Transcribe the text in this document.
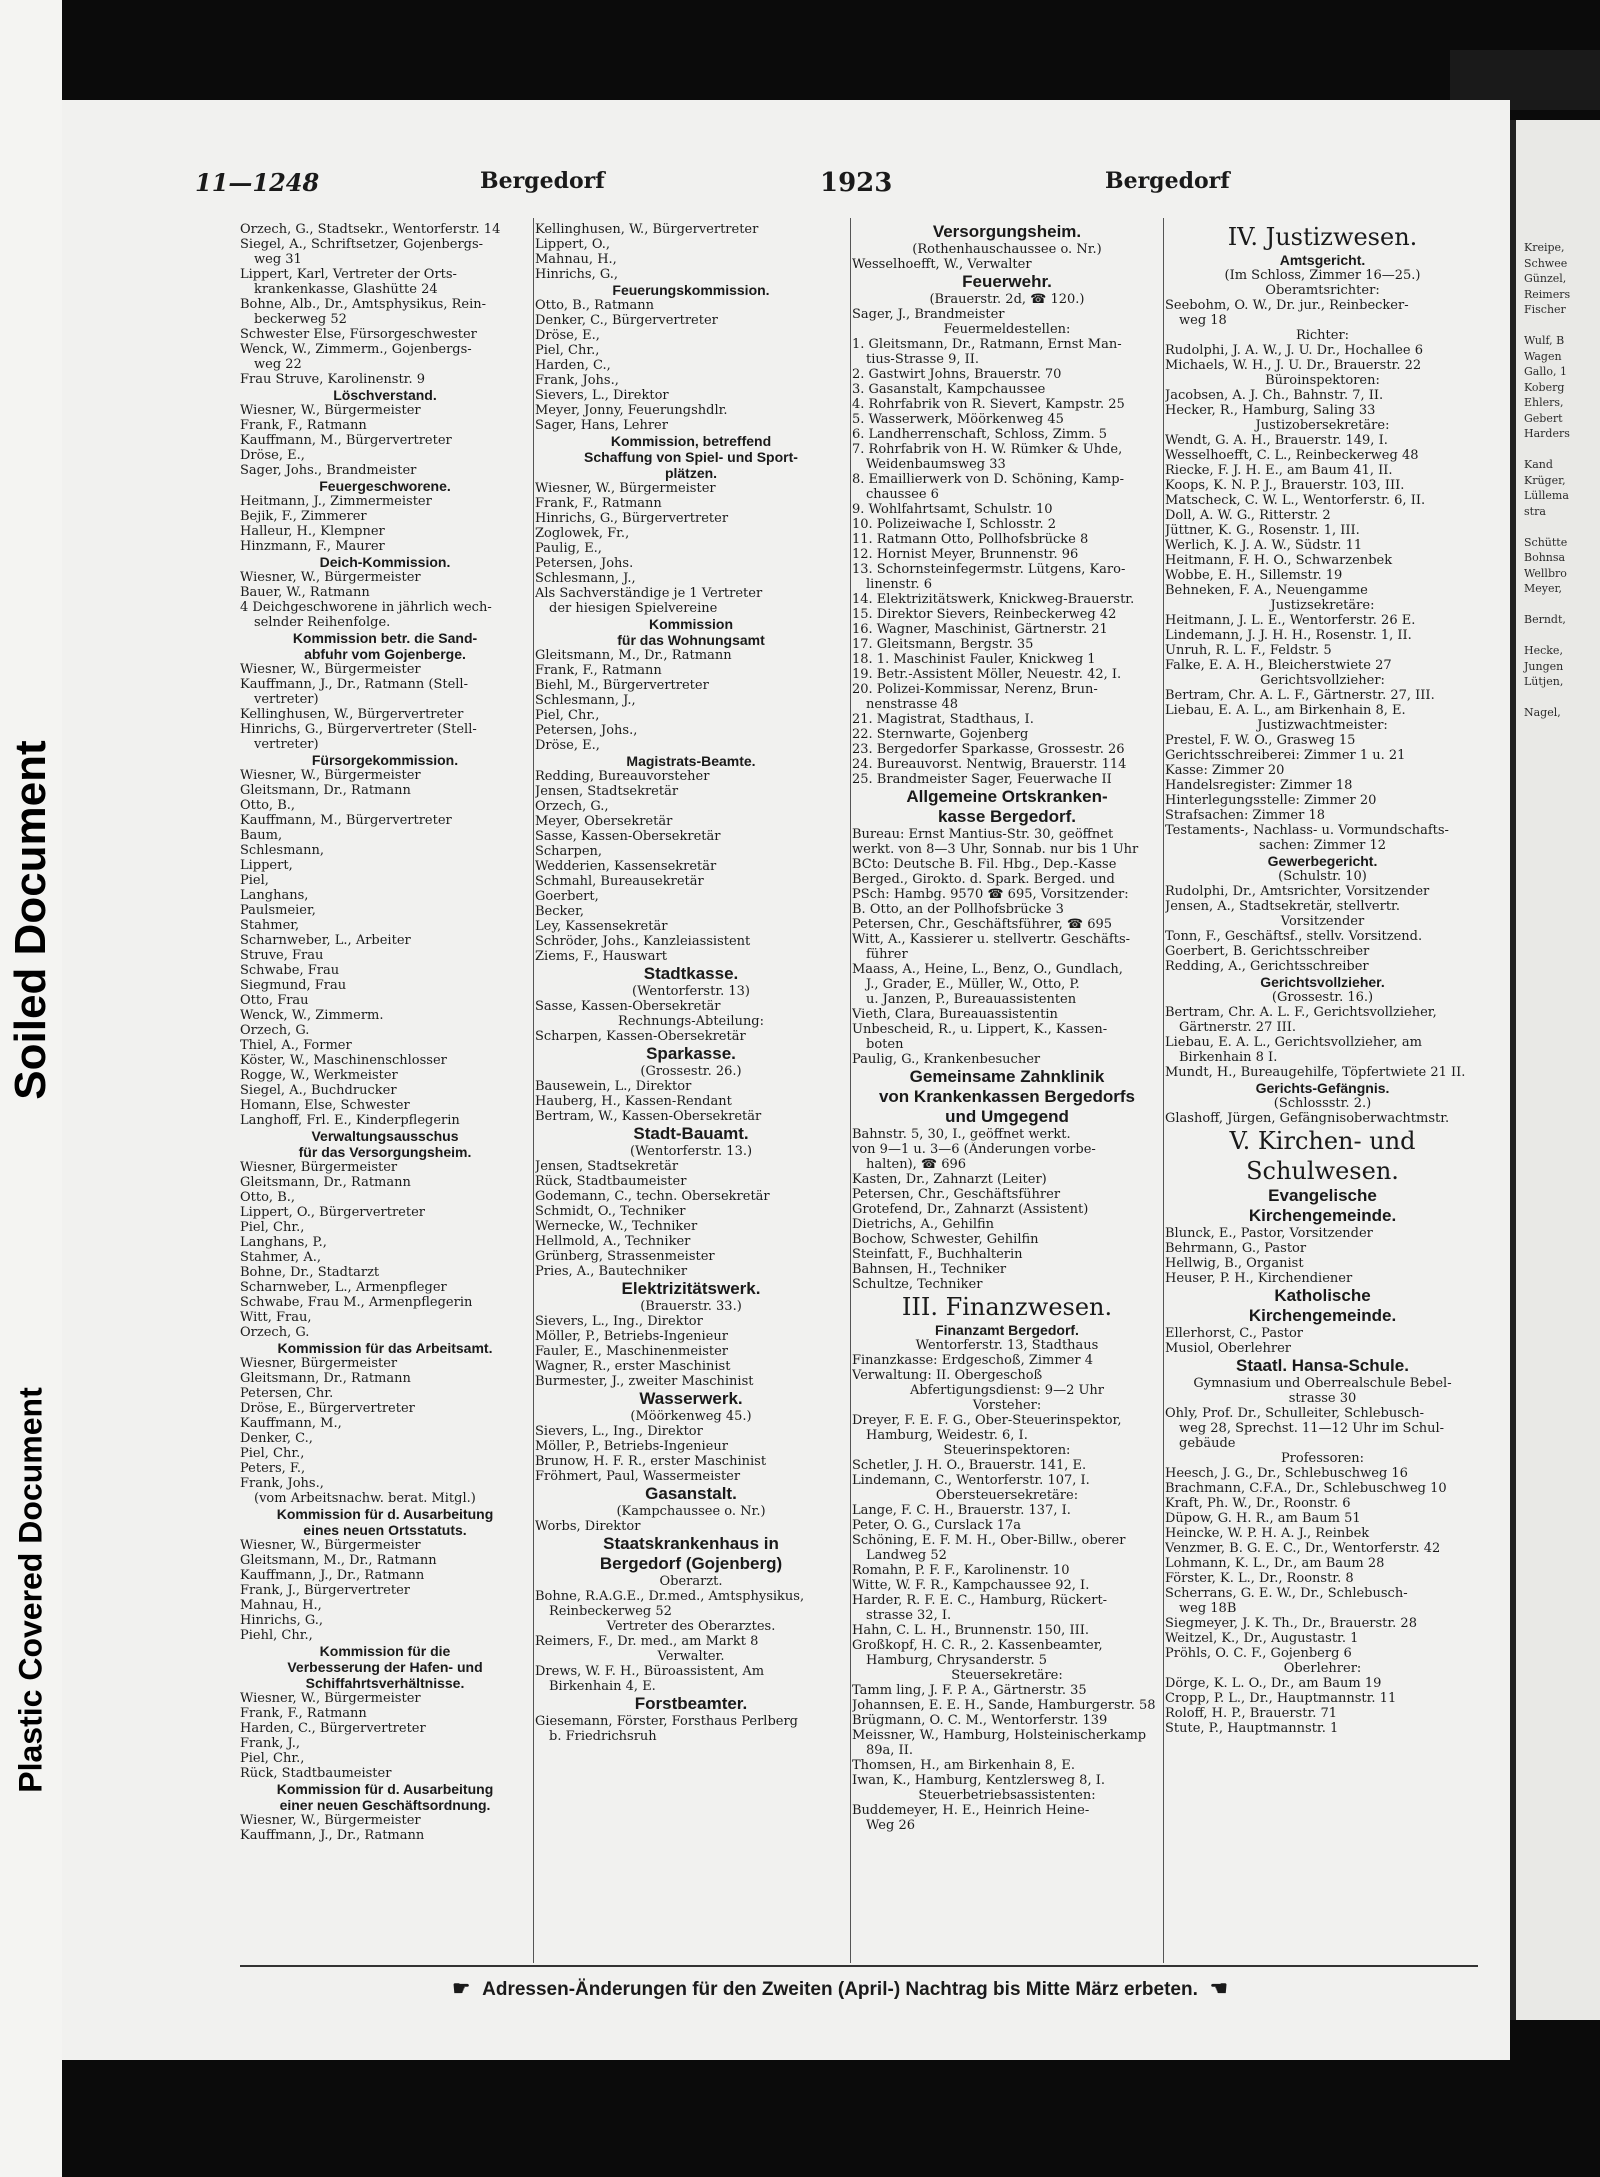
Soiled Document
Plastic Covered Document
Kreipe,
Schwee
Günzel,
Reimers
Fischer

Wulf, B
Wagen
Gallo, 1
Koberg
Ehlers,
Gebert
Harders

Kand
Krüger,
Lüllema
stra

Schütte
Bohnsa
Wellbro
Meyer,

Berndt,

Hecke,
Jungen
Lütjen,

Nagel,
11—1248	Bergedorf	1923	Bergedorf
Orzech, G., Stadtsekr., Wentorferstr. 14
Siegel, A., Schriftsetzer, Gojenbergs-
weg 31
Lippert, Karl, Vertreter der Orts-
krankenkasse, Glashütte 24
Bohne, Alb., Dr., Amtsphysikus, Rein-
beckerweg 52
Schwester Else, Fürsorgeschwester
Wenck, W., Zimmerm., Gojenbergs-
weg 22
Frau Struve, Karolinenstr. 9
Löschverstand.
Wiesner, W., Bürgermeister
Frank, F., Ratmann
Kauffmann, M., Bürgervertreter
Dröse, E.,
Sager, Johs., Brandmeister
Feuergeschworene.
Heitmann, J., Zimmermeister
Bejik, F., Zimmerer
Halleur, H., Klempner
Hinzmann, F., Maurer
Deich-Kommission.
Wiesner, W., Bürgermeister
Bauer, W., Ratmann
4 Deichgeschworene in jährlich wech-
selnder Reihenfolge.
Kommission betr. die Sand-
abfuhr vom Gojenberge.
Wiesner, W., Bürgermeister
Kauffmann, J., Dr., Ratmann (Stell-
vertreter)
Kellinghusen, W., Bürgervertreter
Hinrichs, G., Bürgervertreter (Stell-
vertreter)
Fürsorgekommission.
Wiesner, W., Bürgermeister
Gleitsmann, Dr., Ratmann
Otto, B.,
Kauffmann, M., Bürgervertreter
Baum,
Schlesmann,
Lippert,
Piel,
Langhans,
Paulsmeier,
Stahmer,
Scharnweber, L., Arbeiter
Struve, Frau
Schwabe, Frau
Siegmund, Frau
Otto, Frau
Wenck, W., Zimmerm.
Orzech, G.
Thiel, A., Former
Köster, W., Maschinenschlosser
Rogge, W., Werkmeister
Siegel, A., Buchdrucker
Homann, Else, Schwester
Langhoff, Frl. E., Kinderpflegerin
Verwaltungsausschus
für das Versorgungsheim.
Wiesner, Bürgermeister
Gleitsmann, Dr., Ratmann
Otto, B.,
Lippert, O., Bürgervertreter
Piel, Chr.,
Langhans, P.,
Stahmer, A.,
Bohne, Dr., Stadtarzt
Scharnweber, L., Armenpfleger
Schwabe, Frau M., Armenpflegerin
Witt, Frau,
Orzech, G.
Kommission für das Arbeitsamt.
Wiesner, Bürgermeister
Gleitsmann, Dr., Ratmann
Petersen, Chr.
Dröse, E., Bürgervertreter
Kauffmann, M.,
Denker, C.,
Piel, Chr.,
Peters, F.,
Frank, Johs.,
(vom Arbeitsnachw. berat. Mitgl.)
Kommission für d. Ausarbeitung
eines neuen Ortsstatuts.
Wiesner, W., Bürgermeister
Gleitsmann, M., Dr., Ratmann
Kauffmann, J., Dr., Ratmann
Frank, J., Bürgervertreter
Mahnau, H.,
Hinrichs, G.,
Piehl, Chr.,
Kommission für die
Verbesserung der Hafen- und
Schiffahrtsverhältnisse.
Wiesner, W., Bürgermeister
Frank, F., Ratmann
Harden, C., Bürgervertreter
Frank, J.,
Piel, Chr.,
Rück, Stadtbaumeister
Kommission für d. Ausarbeitung
einer neuen Geschäftsordnung.
Wiesner, W., Bürgermeister
Kauffmann, J., Dr., Ratmann
Kellinghusen, W., Bürgervertreter
Lippert, O.,
Mahnau, H.,
Hinrichs, G.,
Feuerungskommission.
Otto, B., Ratmann
Denker, C., Bürgervertreter
Dröse, E.,
Piel, Chr.,
Harden, C.,
Frank, Johs.,
Sievers, L., Direktor
Meyer, Jonny, Feuerungshdlr.
Sager, Hans, Lehrer
Kommission, betreffend
Schaffung von Spiel- und Sport-
plätzen.
Wiesner, W., Bürgermeister
Frank, F., Ratmann
Hinrichs, G., Bürgervertreter
Zoglowek, Fr.,
Paulig, E.,
Petersen, Johs.
Schlesmann, J.,
Als Sachverständige je 1 Vertreter
der hiesigen Spielvereine
Kommission
für das Wohnungsamt
Gleitsmann, M., Dr., Ratmann
Frank, F., Ratmann
Biehl, M., Bürgervertreter
Schlesmann, J.,
Piel, Chr.,
Petersen, Johs.,
Dröse, E.,
Magistrats-Beamte.
Redding, Bureauvorsteher
Jensen, Stadtsekretär
Orzech, G.,
Meyer, Obersekretär
Sasse, Kassen-Obersekretär
Scharpen,
Wedderien, Kassensekretär
Schmahl, Bureausekretär
Goerbert,
Becker,
Ley, Kassensekretär
Schröder, Johs., Kanzleiassistent
Ziems, F., Hauswart
Stadtkasse.
(Wentorferstr. 13)
Sasse, Kassen-Obersekretär
Rechnungs-Abteilung:
Scharpen, Kassen-Obersekretär
Sparkasse.
(Grossestr. 26.)
Bausewein, L., Direktor
Hauberg, H., Kassen-Rendant
Bertram, W., Kassen-Obersekretär
Stadt-Bauamt.
(Wentorferstr. 13.)
Jensen, Stadtsekretär
Rück, Stadtbaumeister
Godemann, C., techn. Obersekretär
Schmidt, O., Techniker
Wernecke, W., Techniker
Hellmold, A., Techniker
Grünberg, Strassenmeister
Pries, A., Bautechniker
Elektrizitätswerk.
(Brauerstr. 33.)
Sievers, L., Ing., Direktor
Möller, P., Betriebs-Ingenieur
Fauler, E., Maschinenmeister
Wagner, R., erster Maschinist
Burmester, J., zweiter Maschinist
Wasserwerk.
(Möörkenweg 45.)
Sievers, L., Ing., Direktor
Möller, P., Betriebs-Ingenieur
Brunow, H. F. R., erster Maschinist
Fröhmert, Paul, Wassermeister
Gasanstalt.
(Kampchaussee o. Nr.)
Worbs, Direktor
Staatskrankenhaus in
Bergedorf (Gojenberg)
Oberarzt.
Bohne, R.A.G.E., Dr.med., Amtsphysikus,
Reinbeckerweg 52
Vertreter des Oberarztes.
Reimers, F., Dr. med., am Markt 8
Verwalter.
Drews, W. F. H., Büroassistent, Am
Birkenhain 4, E.
Forstbeamter.
Giesemann, Förster, Forsthaus Perlberg
b. Friedrichsruh
Versorgungsheim.
(Rothenhauschaussee o. Nr.)
Wesselhoefft, W., Verwalter
Feuerwehr.
(Brauerstr. 2d, ☎ 120.)
Sager, J., Brandmeister
Feuermeldestellen:
1. Gleitsmann, Dr., Ratmann, Ernst Man-
tius-Strasse 9, II.
2. Gastwirt Johns, Brauerstr. 70
3. Gasanstalt, Kampchaussee
4. Rohrfabrik von R. Sievert, Kampstr. 25
5. Wasserwerk, Möörkenweg 45
6. Landherrenschaft, Schloss, Zimm. 5
7. Rohrfabrik von H. W. Rümker & Uhde,
Weidenbaumsweg 33
8. Emaillierwerk von D. Schöning, Kamp-
chaussee 6
9. Wohlfahrtsamt, Schulstr. 10
10. Polizeiwache I, Schlosstr. 2
11. Ratmann Otto, Pollhofsbrücke 8
12. Hornist Meyer, Brunnenstr. 96
13. Schornsteinfegermstr. Lütgens, Karo-
linenstr. 6
14. Elektrizitätswerk, Knickweg-Brauerstr.
15. Direktor Sievers, Reinbeckerweg 42
16. Wagner, Maschinist, Gärtnerstr. 21
17. Gleitsmann, Bergstr. 35
18. 1. Maschinist Fauler, Knickweg 1
19. Betr.-Assistent Möller, Neuestr. 42, I.
20. Polizei-Kommissar, Nerenz, Brun-
nenstrasse 48
21. Magistrat, Stadthaus, I.
22. Sternwarte, Gojenberg
23. Bergedorfer Sparkasse, Grossestr. 26
24. Bureauvorst. Nentwig, Brauerstr. 114
25. Brandmeister Sager, Feuerwache II
Allgemeine Ortskranken-
kasse Bergedorf.
Bureau: Ernst Mantius-Str. 30, geöffnet
werkt. von 8—3 Uhr, Sonnab. nur bis 1 Uhr
BCto: Deutsche B. Fil. Hbg., Dep.-Kasse
Berged., Girokto. d. Spark. Berged. und
PSch: Hambg. 9570 ☎ 695, Vorsitzender:
B. Otto, an der Pollhofsbrücke 3
Petersen, Chr., Geschäftsführer, ☎ 695
Witt, A., Kassierer u. stellvertr. Geschäfts-
führer
Maass, A., Heine, L., Benz, O., Gundlach,
J., Grader, E., Müller, W., Otto, P.
u. Janzen, P., Bureauassistenten
Vieth, Clara, Bureauassistentin
Unbescheid, R., u. Lippert, K., Kassen-
boten
Paulig, G., Krankenbesucher
Gemeinsame Zahnklinik
von Krankenkassen Bergedorfs
und Umgegend
Bahnstr. 5, 30, I., geöffnet werkt.
von 9—1 u. 3—6 (Änderungen vorbe-
halten), ☎ 696
Kasten, Dr., Zahnarzt (Leiter)
Petersen, Chr., Geschäftsführer
Grotefend, Dr., Zahnarzt (Assistent)
Dietrichs, A., Gehilfin
Bochow, Schwester, Gehilfin
Steinfatt, F., Buchhalterin
Bahnsen, H., Techniker
Schultze, Techniker
III. Finanzwesen.
Finanzamt Bergedorf.
Wentorferstr. 13, Stadthaus
Finanzkasse: Erdgeschoß, Zimmer 4
Verwaltung: II. Obergeschoß
Abfertigungsdienst: 9—2 Uhr
Vorsteher:
Dreyer, F. E. F. G., Ober-Steuerinspektor,
Hamburg, Weidestr. 6, I.
Steuerinspektoren:
Schetler, J. H. O., Brauerstr. 141, E.
Lindemann, C., Wentorferstr. 107, I.
Obersteuersekretäre:
Lange, F. C. H., Brauerstr. 137, I.
Peter, O. G., Curslack 17a
Schöning, E. F. M. H., Ober-Billw., oberer
Landweg 52
Romahn, P. F. F., Karolinenstr. 10
Witte, W. F. R., Kampchaussee 92, I.
Harder, R. F. E. C., Hamburg, Rückert-
strasse 32, I.
Hahn, C. L. H., Brunnenstr. 150, III.
Großkopf, H. C. R., 2. Kassenbeamter,
Hamburg, Chrysanderstr. 5
Steuersekretäre:
Tamm ling, J. F. P. A., Gärtnerstr. 35
Johannsen, E. E. H., Sande, Hamburgerstr. 58
Brügmann, O. C. M., Wentorferstr. 139
Meissner, W., Hamburg, Holsteinischerkamp
89a, II.
Thomsen, H., am Birkenhain 8, E.
Iwan, K., Hamburg, Kentzlersweg 8, I.
Steuerbetriebsassistenten:
Buddemeyer, H. E., Heinrich Heine-
Weg 26
IV. Justizwesen.
Amtsgericht.
(Im Schloss, Zimmer 16—25.)
Oberamtsrichter:
Seebohm, O. W., Dr. jur., Reinbecker-
weg 18
Richter:
Rudolphi, J. A. W., J. U. Dr., Hochallee 6
Michaels, W. H., J. U. Dr., Brauerstr. 22
Büroinspektoren:
Jacobsen, A. J. Ch., Bahnstr. 7, II.
Hecker, R., Hamburg, Saling 33
Justizobersekretäre:
Wendt, G. A. H., Brauerstr. 149, I.
Wesselhoefft, C. L., Reinbeckerweg 48
Riecke, F. J. H. E., am Baum 41, II.
Koops, K. N. P. J., Brauerstr. 103, III.
Matscheck, C. W. L., Wentorferstr. 6, II.
Doll, A. W. G., Ritterstr. 2
Jüttner, K. G., Rosenstr. 1, III.
Werlich, K. J. A. W., Südstr. 11
Heitmann, F. H. O., Schwarzenbek
Wobbe, E. H., Sillemstr. 19
Behneken, F. A., Neuengamme
Justizsekretäre:
Heitmann, J. L. E., Wentorferstr. 26 E.
Lindemann, J. J. H. H., Rosenstr. 1, II.
Unruh, R. L. F., Feldstr. 5
Falke, E. A. H., Bleicherstwiete 27
Gerichtsvollzieher:
Bertram, Chr. A. L. F., Gärtnerstr. 27, III.
Liebau, E. A. L., am Birkenhain 8, E.
Justizwachtmeister:
Prestel, F. W. O., Grasweg 15
Gerichtsschreiberei: Zimmer 1 u. 21
Kasse: Zimmer 20
Handelsregister: Zimmer 18
Hinterlegungsstelle: Zimmer 20
Strafsachen: Zimmer 18
Testaments-, Nachlass- u. Vormundschafts-
sachen: Zimmer 12
Gewerbegericht.
(Schulstr. 10)
Rudolphi, Dr., Amtsrichter, Vorsitzender
Jensen, A., Stadtsekretär, stellvertr.
Vorsitzender
Tonn, F., Geschäftsf., stellv. Vorsitzend.
Goerbert, B. Gerichtsschreiber
Redding, A., Gerichtsschreiber
Gerichtsvollzieher.
(Grossestr. 16.)
Bertram, Chr. A. L. F., Gerichtsvollzieher,
Gärtnerstr. 27 III.
Liebau, E. A. L., Gerichtsvollzieher, am
Birkenhain 8 I.
Mundt, H., Bureaugehilfe, Töpfertwiete 21 II.
Gerichts-Gefängnis.
(Schlossstr. 2.)
Glashoff, Jürgen, Gefängnisoberwachtmstr.
V. Kirchen- und
Schulwesen.
Evangelische
Kirchengemeinde.
Blunck, E., Pastor, Vorsitzender
Behrmann, G., Pastor
Hellwig, B., Organist
Heuser, P. H., Kirchendiener
Katholische
Kirchengemeinde.
Ellerhorst, C., Pastor
Musiol, Oberlehrer
Staatl. Hansa-Schule.
Gymnasium und Oberrealschule Bebel-
strasse 30
Ohly, Prof. Dr., Schulleiter, Schlebusch-
weg 28, Sprechst. 11—12 Uhr im Schul-
gebäude
Professoren:
Heesch, J. G., Dr., Schlebuschweg 16
Brachmann, C.F.A., Dr., Schlebuschweg 10
Kraft, Ph. W., Dr., Roonstr. 6
Düpow, G. H. R., am Baum 51
Heincke, W. P. H. A. J., Reinbek
Venzmer, B. G. E. C., Dr., Wentorferstr. 42
Lohmann, K. L., Dr., am Baum 28
Förster, K. L., Dr., Roonstr. 8
Scherrans, G. E. W., Dr., Schlebusch-
weg 18B
Siegmeyer, J. K. Th., Dr., Brauerstr. 28
Weitzel, K., Dr., Augustastr. 1
Pröhls, O. C. F., Gojenberg 6
Oberlehrer:
Dörge, K. L. O., Dr., am Baum 19
Cropp, P. L., Dr., Hauptmannstr. 11
Roloff, H. P., Brauerstr. 71
Stute, P., Hauptmannstr. 1
☛ Adressen-Änderungen für den Zweiten (April-) Nachtrag bis Mitte März erbeten. ☚
